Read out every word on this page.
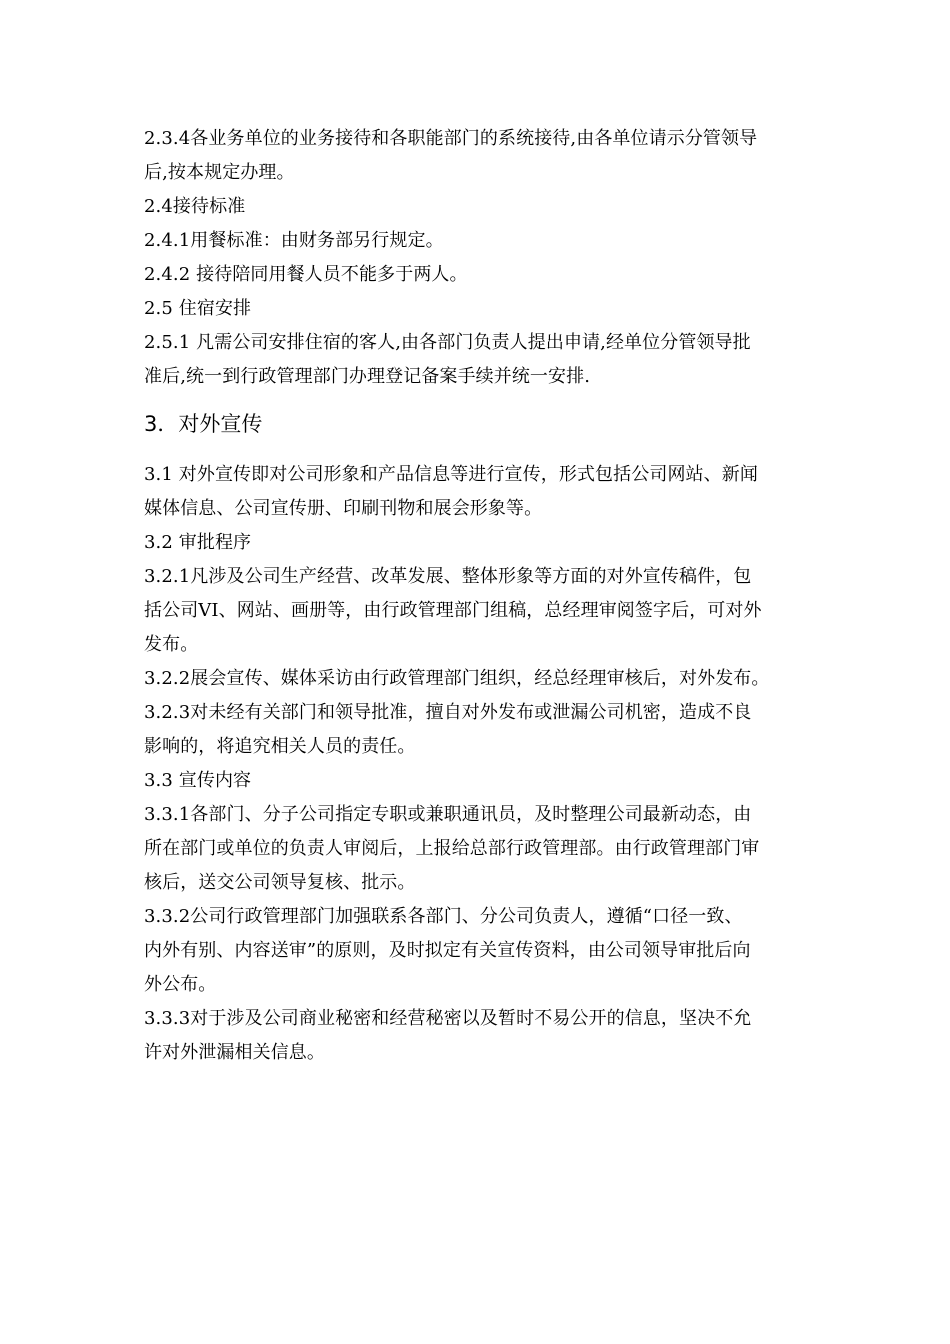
2.3.4各业务单位的业务接待和各职能部门的系统接待,由各单位请示分管领导
后,按本规定办理。
2.4接待标准
2.4.1用餐标准：由财务部另行规定。
2.4.2 接待陪同用餐人员不能多于两人。
2.5 住宿安排
2.5.1 凡需公司安排住宿的客人,由各部门负责人提出申请,经单位分管领导批
准后,统一到行政管理部门办理登记备案手续并统一安排.
3．对外宣传
3.1 对外宣传即对公司形象和产品信息等进行宣传，形式包括公司网站、新闻
媒体信息、公司宣传册、印刷刊物和展会形象等。
3.2 审批程序
3.2.1凡涉及公司生产经营、改革发展、整体形象等方面的对外宣传稿件，包
括公司VI、网站、画册等，由行政管理部门组稿，总经理审阅签字后，可对外
发布。
3.2.2展会宣传、媒体采访由行政管理部门组织，经总经理审核后，对外发布。
3.2.3对未经有关部门和领导批准，擅自对外发布或泄漏公司机密，造成不良
影响的，将追究相关人员的责任。
3.3 宣传内容
3.3.1各部门、分子公司指定专职或兼职通讯员，及时整理公司最新动态，由
所在部门或单位的负责人审阅后，上报给总部行政管理部。由行政管理部门审
核后，送交公司领导复核、批示。
3.3.2公司行政管理部门加强联系各部门、分公司负责人，遵循“口径一致、
内外有别、内容送审”的原则，及时拟定有关宣传资料，由公司领导审批后向
外公布。
3.3.3对于涉及公司商业秘密和经营秘密以及暂时不易公开的信息，坚决不允
许对外泄漏相关信息。
